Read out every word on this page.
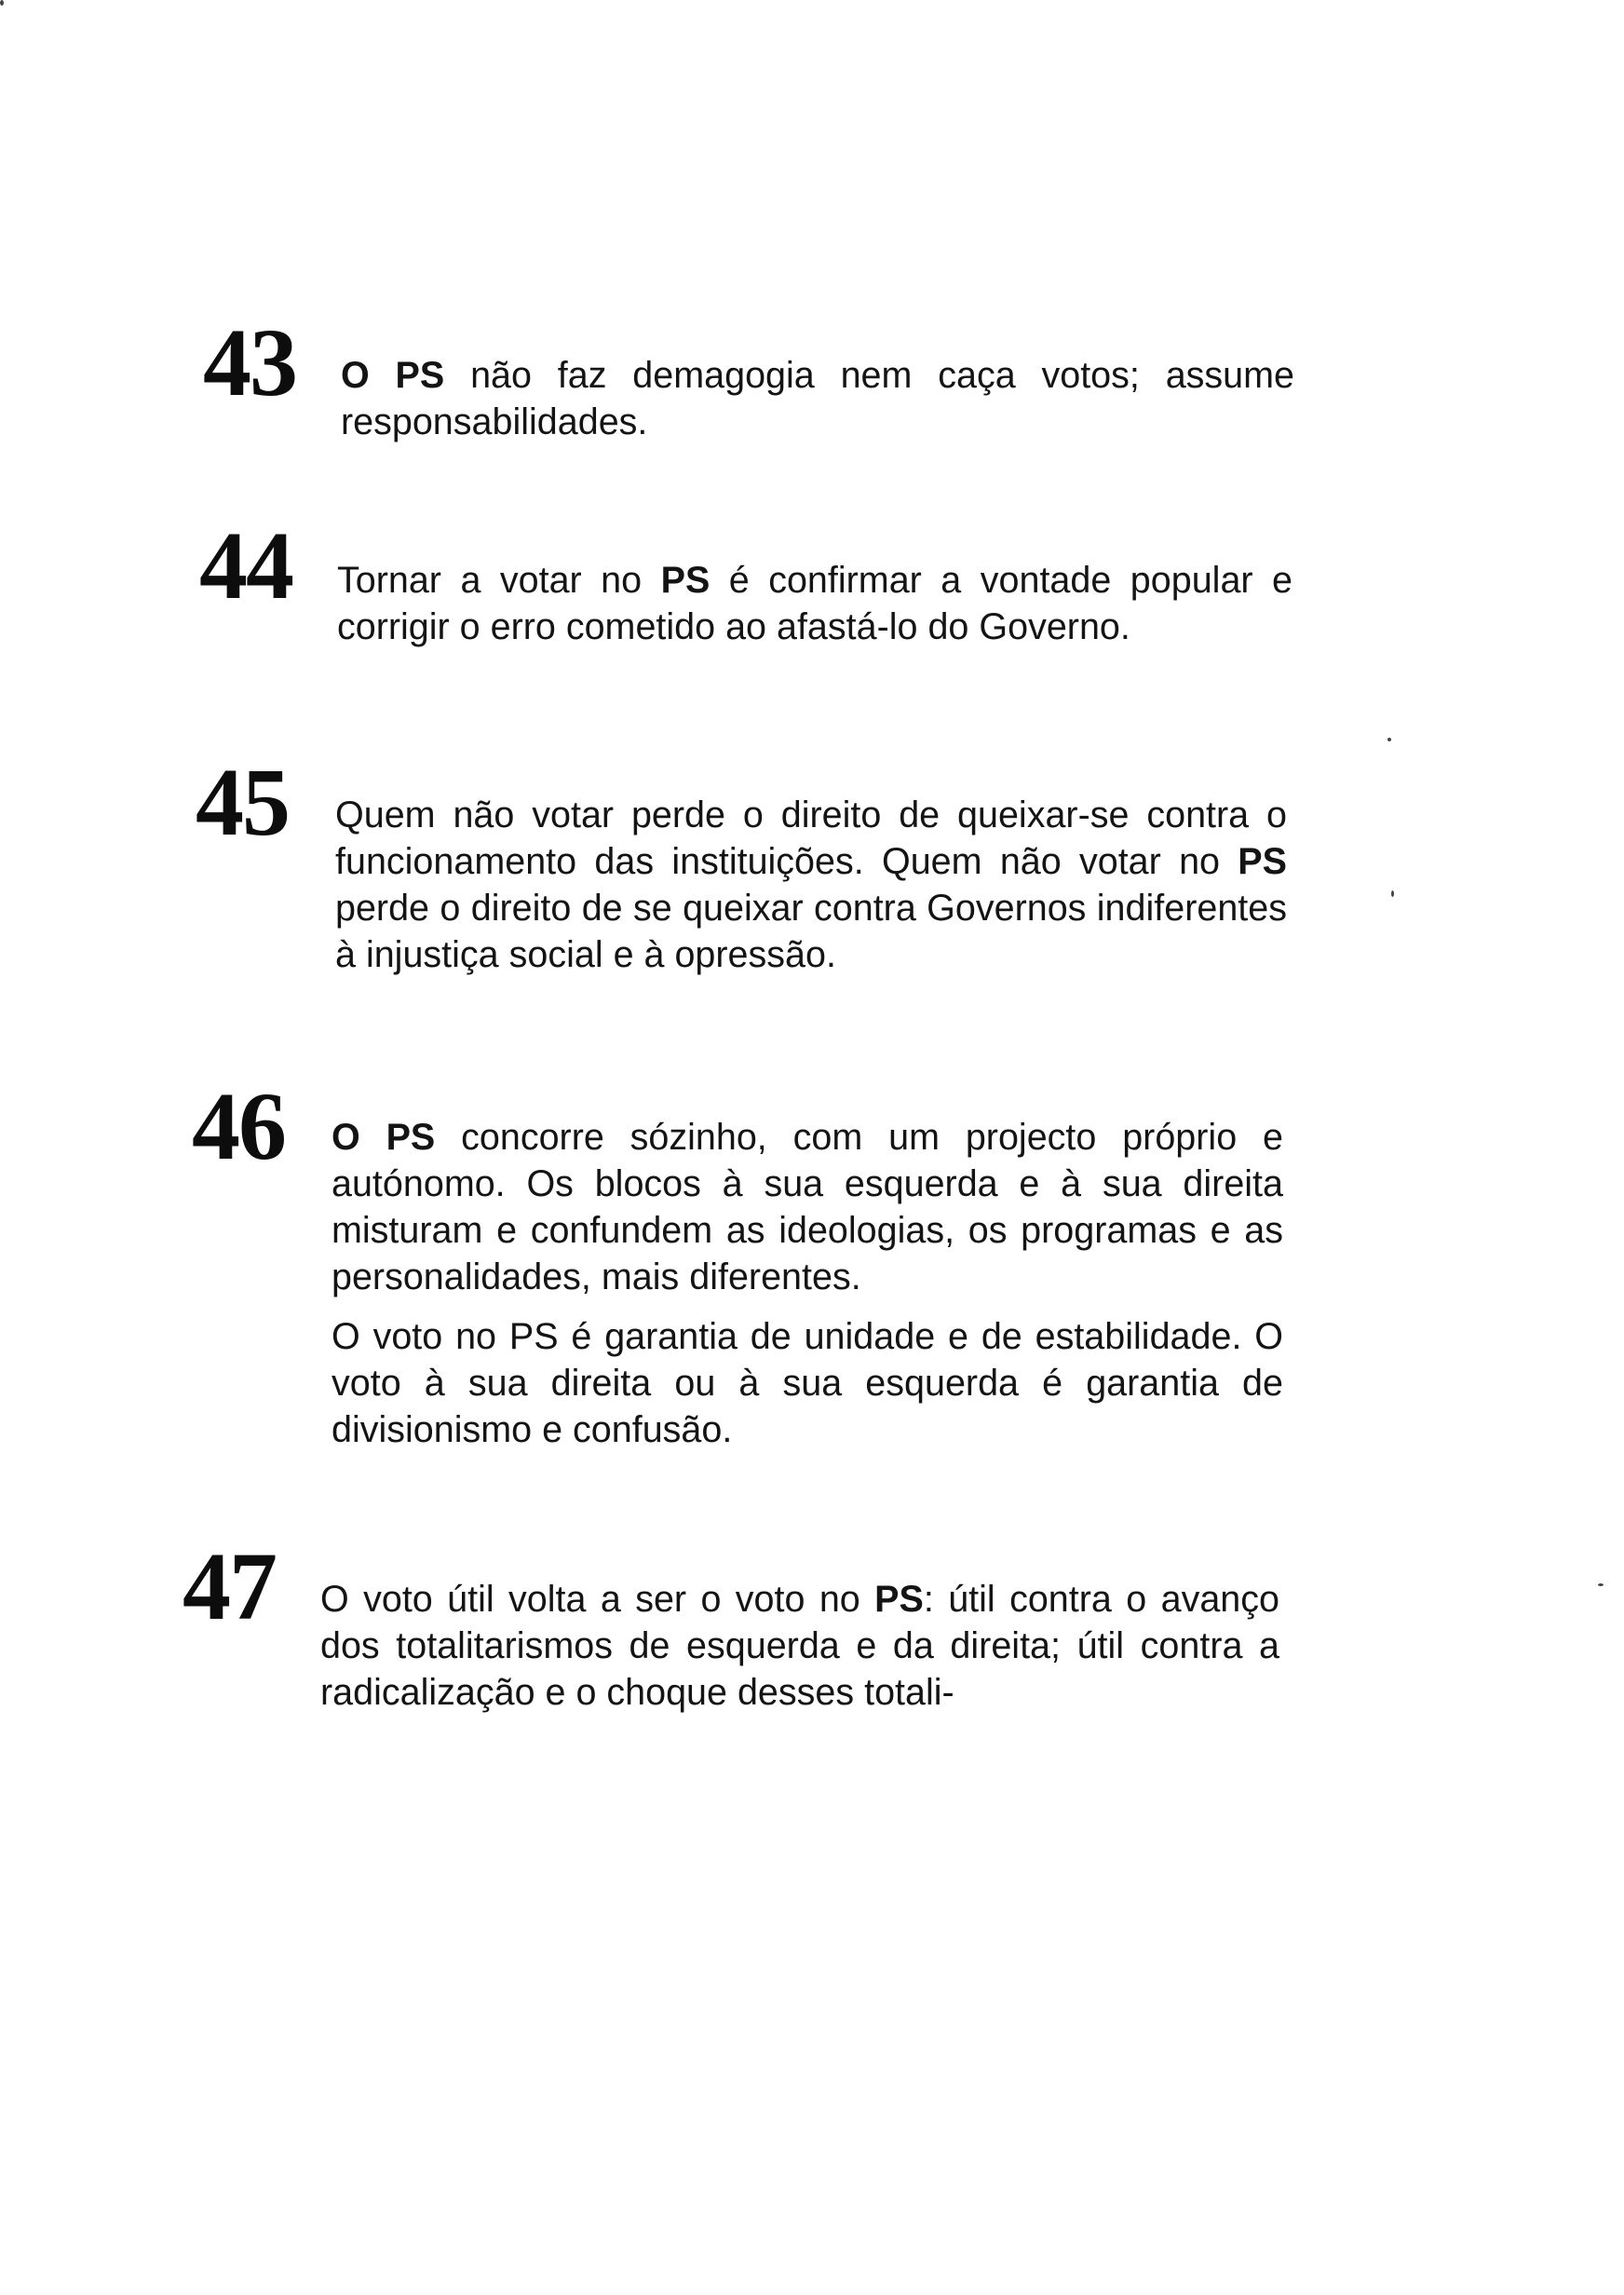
43 O PS não faz demagogia nem caça votos; assume responsabilidades.

44 Tornar a votar no PS é confirmar a vontade popular e corrigir o erro cometido ao afastá-lo do Governo.

45 Quem não votar perde o direito de queixar-se contra o funcionamento das instituições. Quem não votar no PS perde o direito de se queixar contra Governos indiferentes à injustiça social e à opressão.

46 O PS concorre sózinho, com um projecto próprio e autónomo. Os blocos à sua esquerda e à sua direita misturam e confundem as ideologias, os programas e as personalidades, mais diferentes.

O voto no PS é garantia de unidade e de estabilidade. O voto à sua direita ou à sua esquerda é garantia de divisionismo e confusão.

47 O voto útil volta a ser o voto no PS: útil contra o avanço dos totalitarismos de esquerda e da direita; útil contra a radicalização e o choque desses totali-
